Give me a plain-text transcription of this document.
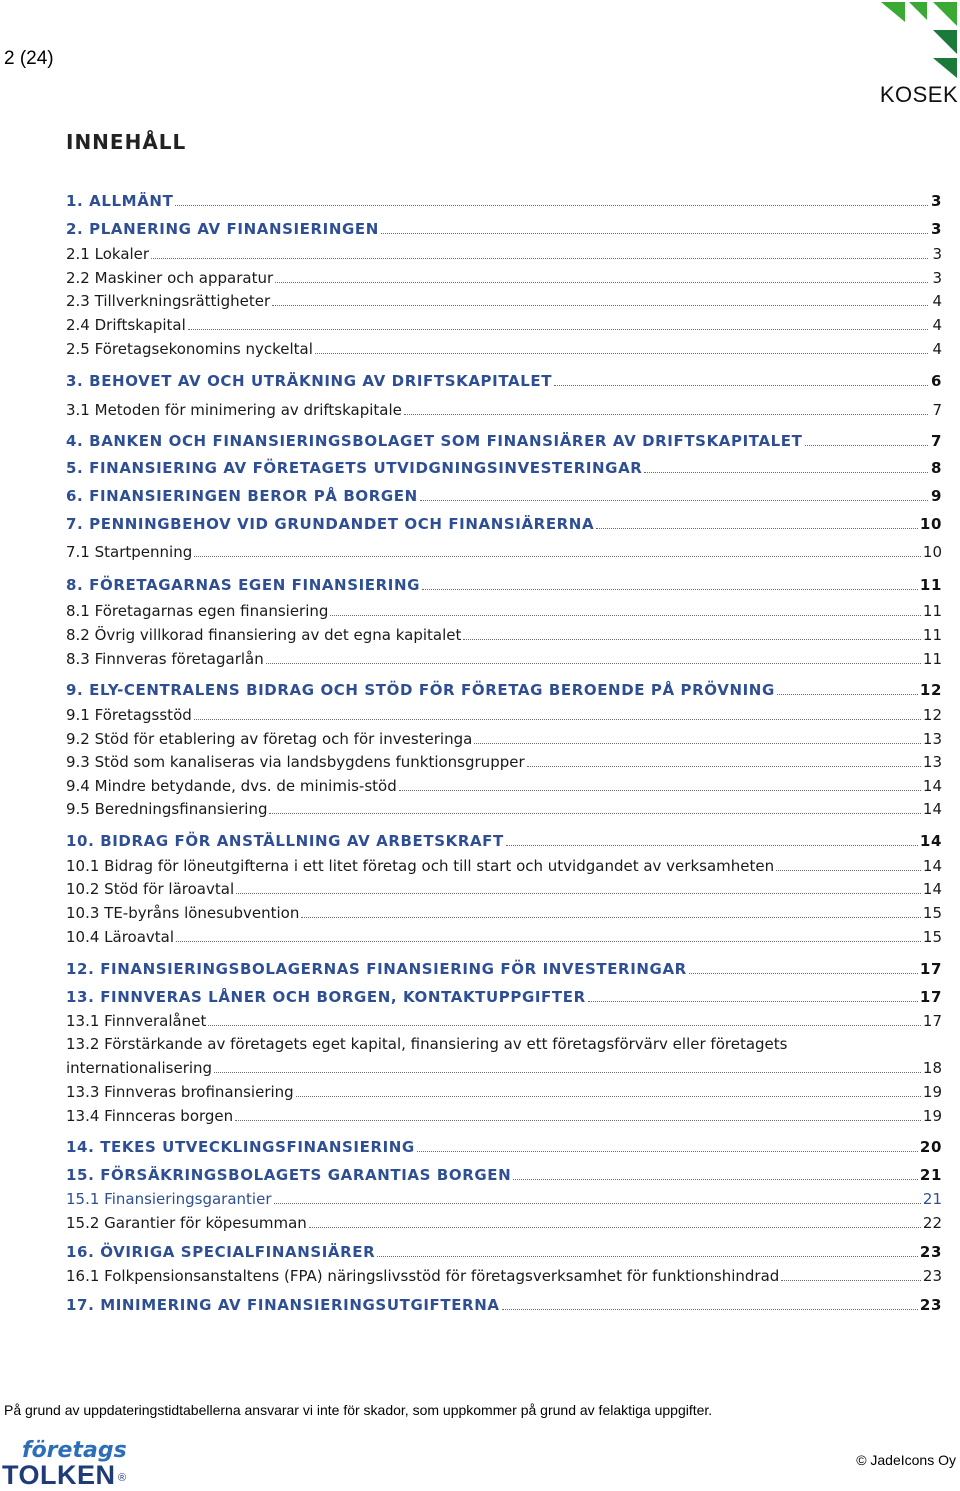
2 (24)
KOSEK
INNEHÅLL
1. ALLMÄNT	3
2. PLANERING AV FINANSIERINGEN	3
2.1 Lokaler	3
2.2 Maskiner och apparatur	3
2.3 Tillverkningsrättigheter	4
2.4 Driftskapital	4
2.5 Företagsekonomins nyckeltal	4
3. BEHOVET AV OCH UTRÄKNING AV DRIFTSKAPITALET	6
3.1 Metoden för minimering av driftskapitale	7
4. BANKEN OCH FINANSIERINGSBOLAGET SOM FINANSIÄRER AV DRIFTSKAPITALET	7
5. FINANSIERING AV FÖRETAGETS UTVIDGNINGSINVESTERINGAR	8
6. FINANSIERINGEN BEROR PÅ BORGEN	9
7. PENNINGBEHOV VID GRUNDANDET OCH FINANSIÄRERNA	10
7.1 Startpenning	10
8. FÖRETAGARNAS EGEN FINANSIERING	11
8.1 Företagarnas egen finansiering	11
8.2 Övrig villkorad finansiering av det egna kapitalet	11
8.3 Finnveras företagarlån	11
9. ELY-CENTRALENS BIDRAG OCH STÖD FÖR FÖRETAG BEROENDE PÅ PRÖVNING	12
9.1 Företagsstöd	12
9.2 Stöd för etablering av företag och för investeringa	13
9.3 Stöd som kanaliseras via landsbygdens funktionsgrupper	13
9.4 Mindre betydande, dvs. de minimis-stöd	14
9.5 Beredningsfinansiering	14
10. BIDRAG FÖR ANSTÄLLNING AV ARBETSKRAFT	14
10.1 Bidrag för löneutgifterna i ett litet företag och till start och utvidgandet av verksamheten	14
10.2 Stöd för läroavtal	14
10.3 TE-byråns lönesubvention	15
10.4 Läroavtal	15
12. FINANSIERINGSBOLAGERNAS FINANSIERING FÖR INVESTERINGAR	17
13. FINNVERAS LÅNER OCH BORGEN, KONTAKTUPPGIFTER	17
13.1 Finnveralånet	17
13.2 Förstärkande av företagets eget kapital, finansiering av ett företagsförvärv eller företagets
internationalisering	18
13.3 Finnveras brofinansiering	19
13.4 Finnceras borgen	19
14. TEKES UTVECKLINGSFINANSIERING	20
15. FÖRSÄKRINGSBOLAGETS GARANTIAS BORGEN	21
15.1 Finansieringsgarantier	21
15.2 Garantier för köpesumman	22
16. ÖVIRIGA SPECIALFINANSIÄRER	23
16.1 Folkpensionsanstaltens (FPA) näringslivsstöd för företagsverksamhet för funktionshindrad	23
17. MINIMERING AV FINANSIERINGSUTGIFTERNA	23
På grund av uppdateringstidtabellerna ansvarar vi inte för skador, som uppkommer på grund av felaktiga uppgifter.
företags
TOLKEN ®
© JadeIcons Oy
